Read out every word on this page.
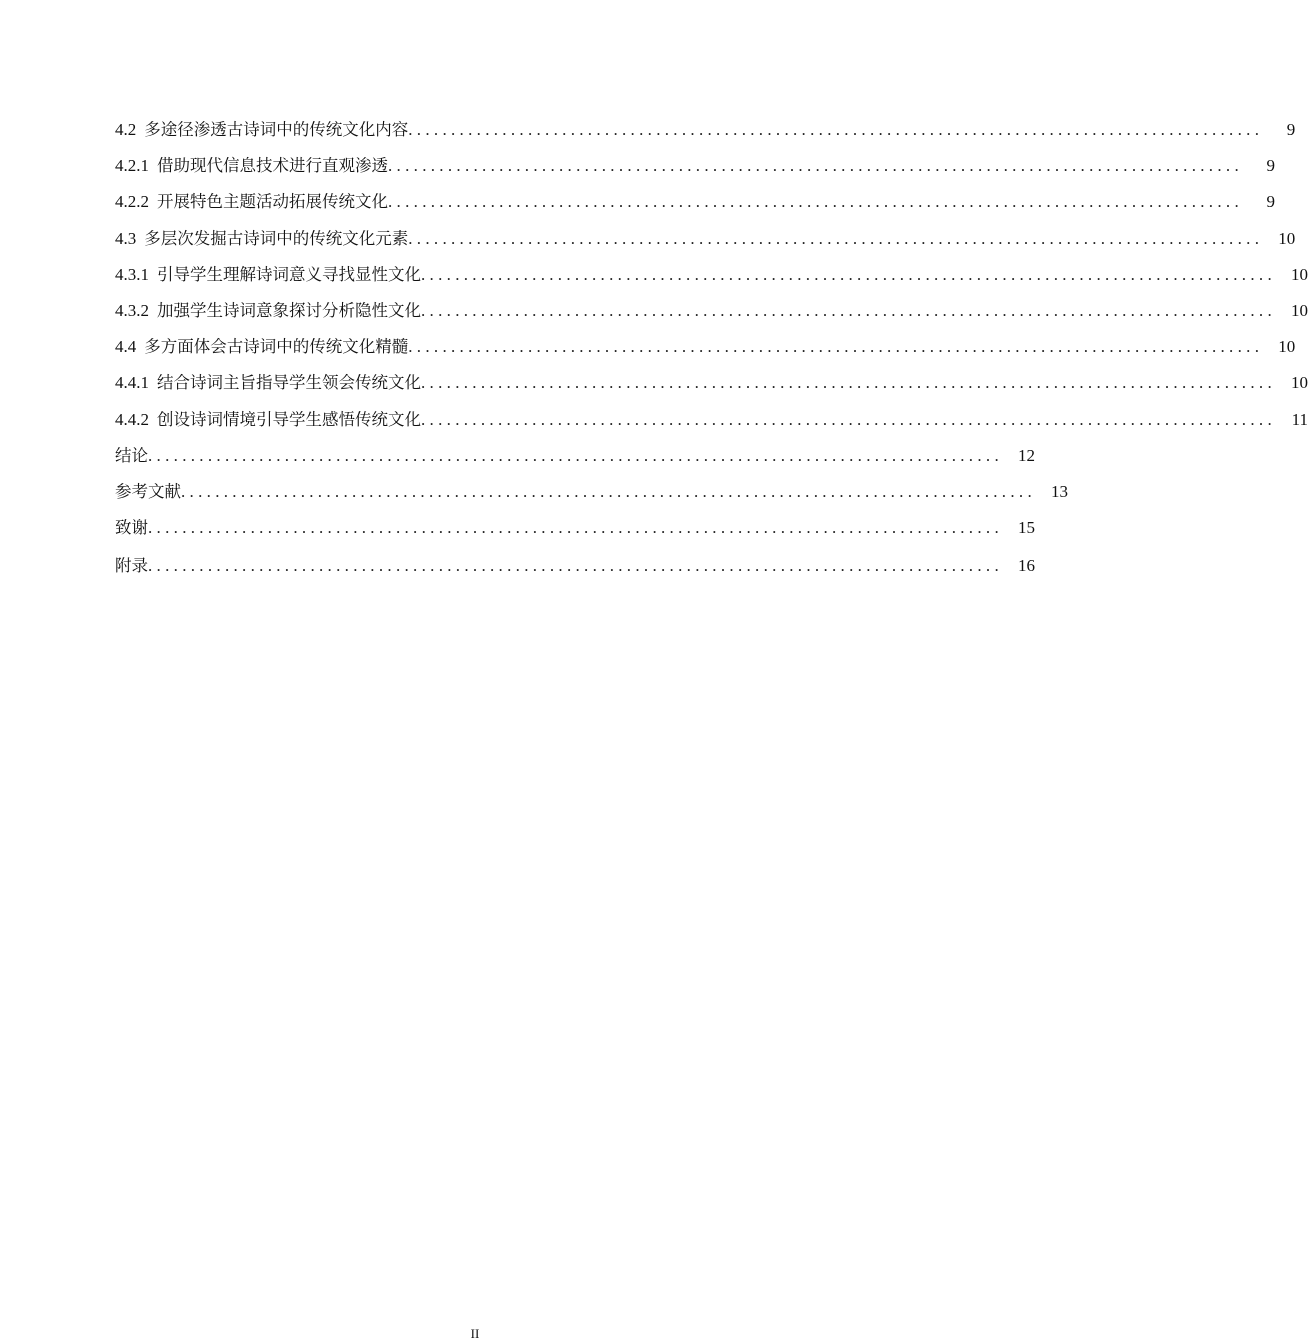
4.2 多途径渗透古诗词中的传统文化内容 ....................................................................................................	9
4.2.1 借助现代信息技术进行直观渗透 ....................................................................................................	9
4.2.2 开展特色主题活动拓展传统文化 ....................................................................................................	9
4.3 多层次发掘古诗词中的传统文化元素 .................................................................................................... 10
4.3.1 引导学生理解诗词意义寻找显性文化 .................................................................................................... 10
4.3.2 加强学生诗词意象探讨分析隐性文化 .................................................................................................... 10
4.4 多方面体会古诗词中的传统文化精髓 .................................................................................................... 10
4.4.1 结合诗词主旨指导学生领会传统文化 .................................................................................................... 10
4.4.2 创设诗词情境引导学生感悟传统文化 .................................................................................................... 11
结论 .................................................................................................... 12
参考文献 .................................................................................................... 13
致谢 .................................................................................................... 15
附录 .................................................................................................... 16
II
